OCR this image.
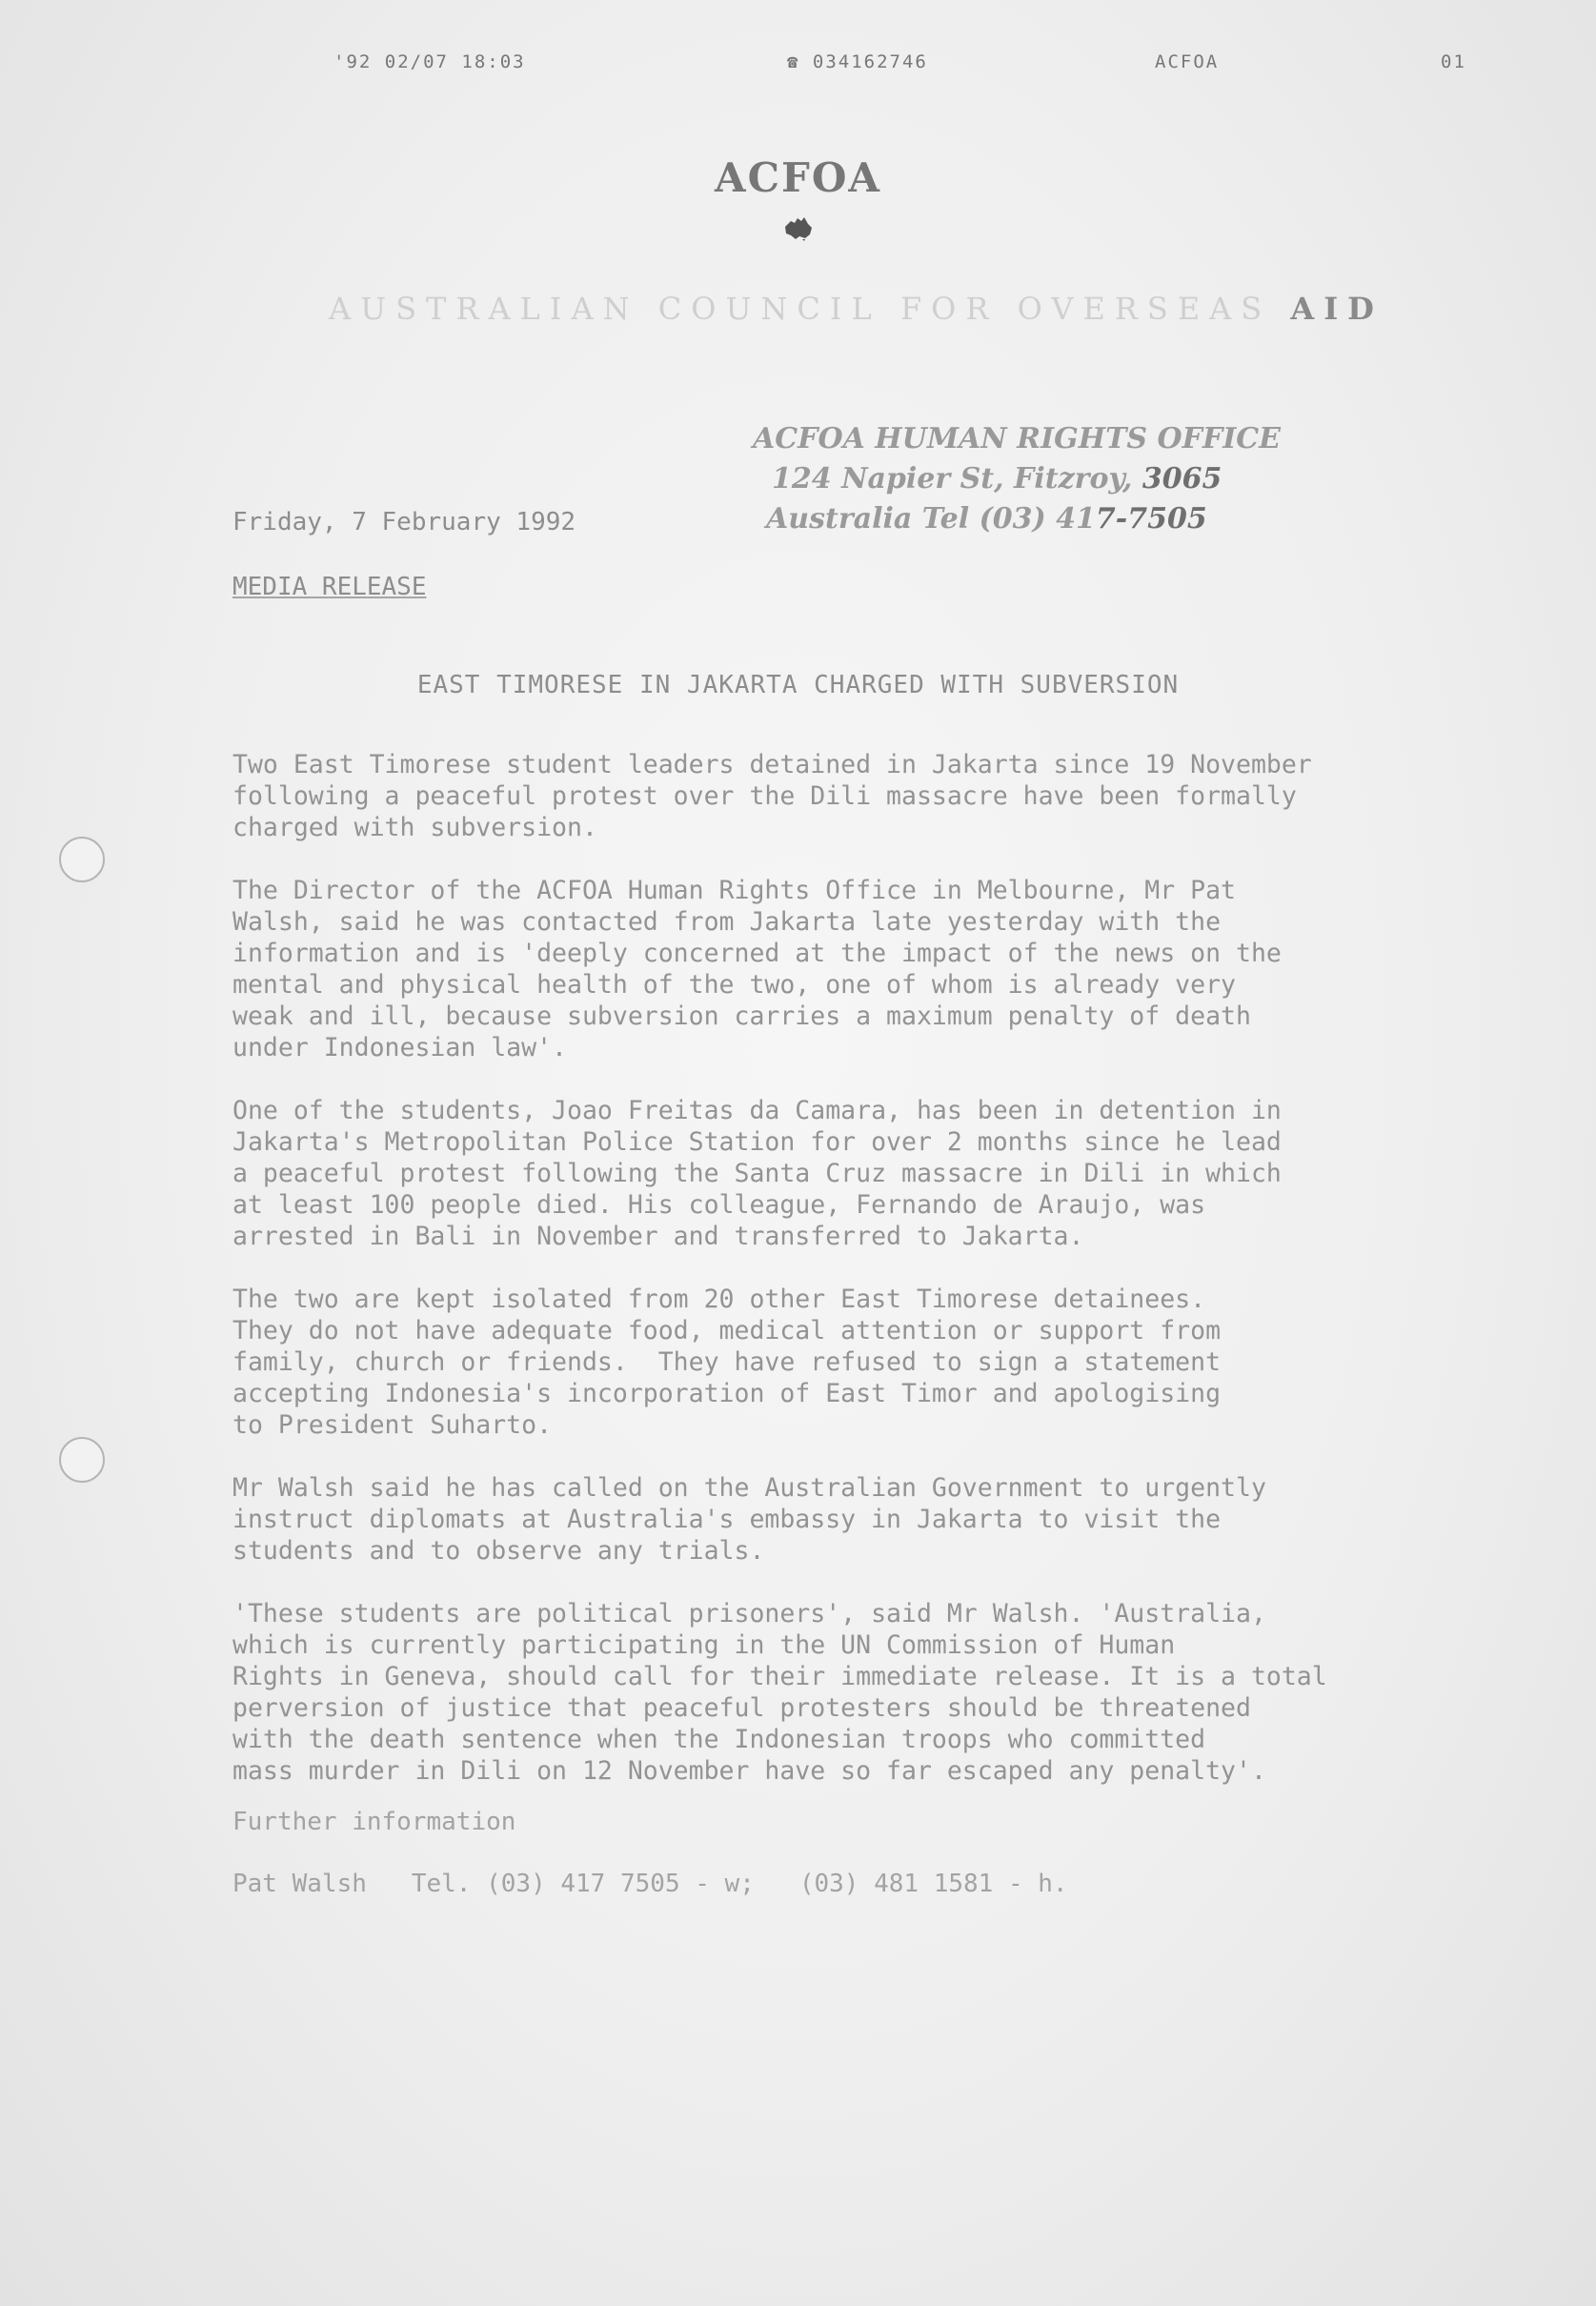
'92 02/07 18:03	☎ 034162746	ACFOA	01
ACFOA
AUSTRALIAN COUNCIL FOR OVERSEAS AID
ACFOA HUMAN RIGHTS OFFICE
124 Napier St, Fitzroy, 3065
Australia Tel (03) 417-7505
Friday, 7 February 1992
MEDIA RELEASE
EAST TIMORESE IN JAKARTA CHARGED WITH SUBVERSION

Two East Timorese student leaders detained in Jakarta since 19 November
following a peaceful protest over the Dili massacre have been formally
charged with subversion.

The Director of the ACFOA Human Rights Office in Melbourne, Mr Pat
Walsh, said he was contacted from Jakarta late yesterday with the
information and is 'deeply concerned at the impact of the news on the
mental and physical health of the two, one of whom is already very
weak and ill, because subversion carries a maximum penalty of death
under Indonesian law'.

One of the students, Joao Freitas da Camara, has been in detention in
Jakarta's Metropolitan Police Station for over 2 months since he lead
a peaceful protest following the Santa Cruz massacre in Dili in which
at least 100 people died. His colleague, Fernando de Araujo, was
arrested in Bali in November and transferred to Jakarta.

The two are kept isolated from 20 other East Timorese detainees.
They do not have adequate food, medical attention or support from
family, church or friends.  They have refused to sign a statement
accepting Indonesia's incorporation of East Timor and apologising
to President Suharto.

Mr Walsh said he has called on the Australian Government to urgently
instruct diplomats at Australia's embassy in Jakarta to visit the
students and to observe any trials.

'These students are political prisoners', said Mr Walsh. 'Australia,
which is currently participating in the UN Commission of Human
Rights in Geneva, should call for their immediate release. It is a total
perversion of justice that peaceful protesters should be threatened
with the death sentence when the Indonesian troops who committed
mass murder in Dili on 12 November have so far escaped any penalty'.

Further information
Pat Walsh   Tel. (03) 417 7505 - w;   (03) 481 1581 - h.
